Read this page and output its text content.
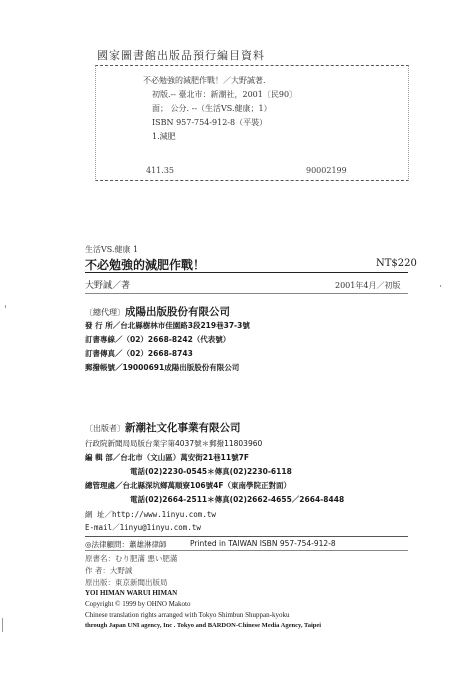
國家圖書館出版品預行編目資料
不必勉強的減肥作戰！／大野誠著.
初版.-- 臺北市：新潮社，2001〔民90〕
面； 公分. --（生活VS.健康；1）
ISBN 957-754-912-8（平裝）
1.減肥
411.35	90002199
生活VS.健康 1
不必勉強的減肥作戰！	NT$220
大野誠／著	2001年4月／初版
〔總代理〕成陽出版股份有限公司
發 行 所／台北縣樹林市佳園路3段219巷37-3號
訂書專線／（02）2668-8242（代表號）
訂書傳真／（02）2668-8743
郵撥帳號／19000691成陽出版股份有限公司
〔出版者〕新潮社文化事業有限公司
行政院新聞局局版台業字第4037號＊郵撥11803960
編 輯 部／台北市（文山區）萬安街21巷11號7F
電話(02)2230-0545＊傳真(02)2230-6118
總管理處／台北縣深坑鄉萬順寮106號4F（東南學院正對面）
電話(02)2664-2511＊傳真(02)2662-4655／2664-8448
網 址／http://www.1inyu.com.tw
E-mail／1inyu@1inyu.com.tw
◎法律顧問：蕭雄淋律師	Printed in TAIWAN ISBN 957-754-912-8
原書名：むり肥滿 悪い肥滿
作 者：大野誠
原出版：東京新聞出版局
YOI HIMAN WARUI HIMAN
Copyright © 1999 by OHNO Makoto
Chinese translation rights arranged with Tokyo Shimbun Shuppan-kyoku
through Japan UNI agency, Inc . Tokyo and BARDON-Chinese Media Agency, Taipei
